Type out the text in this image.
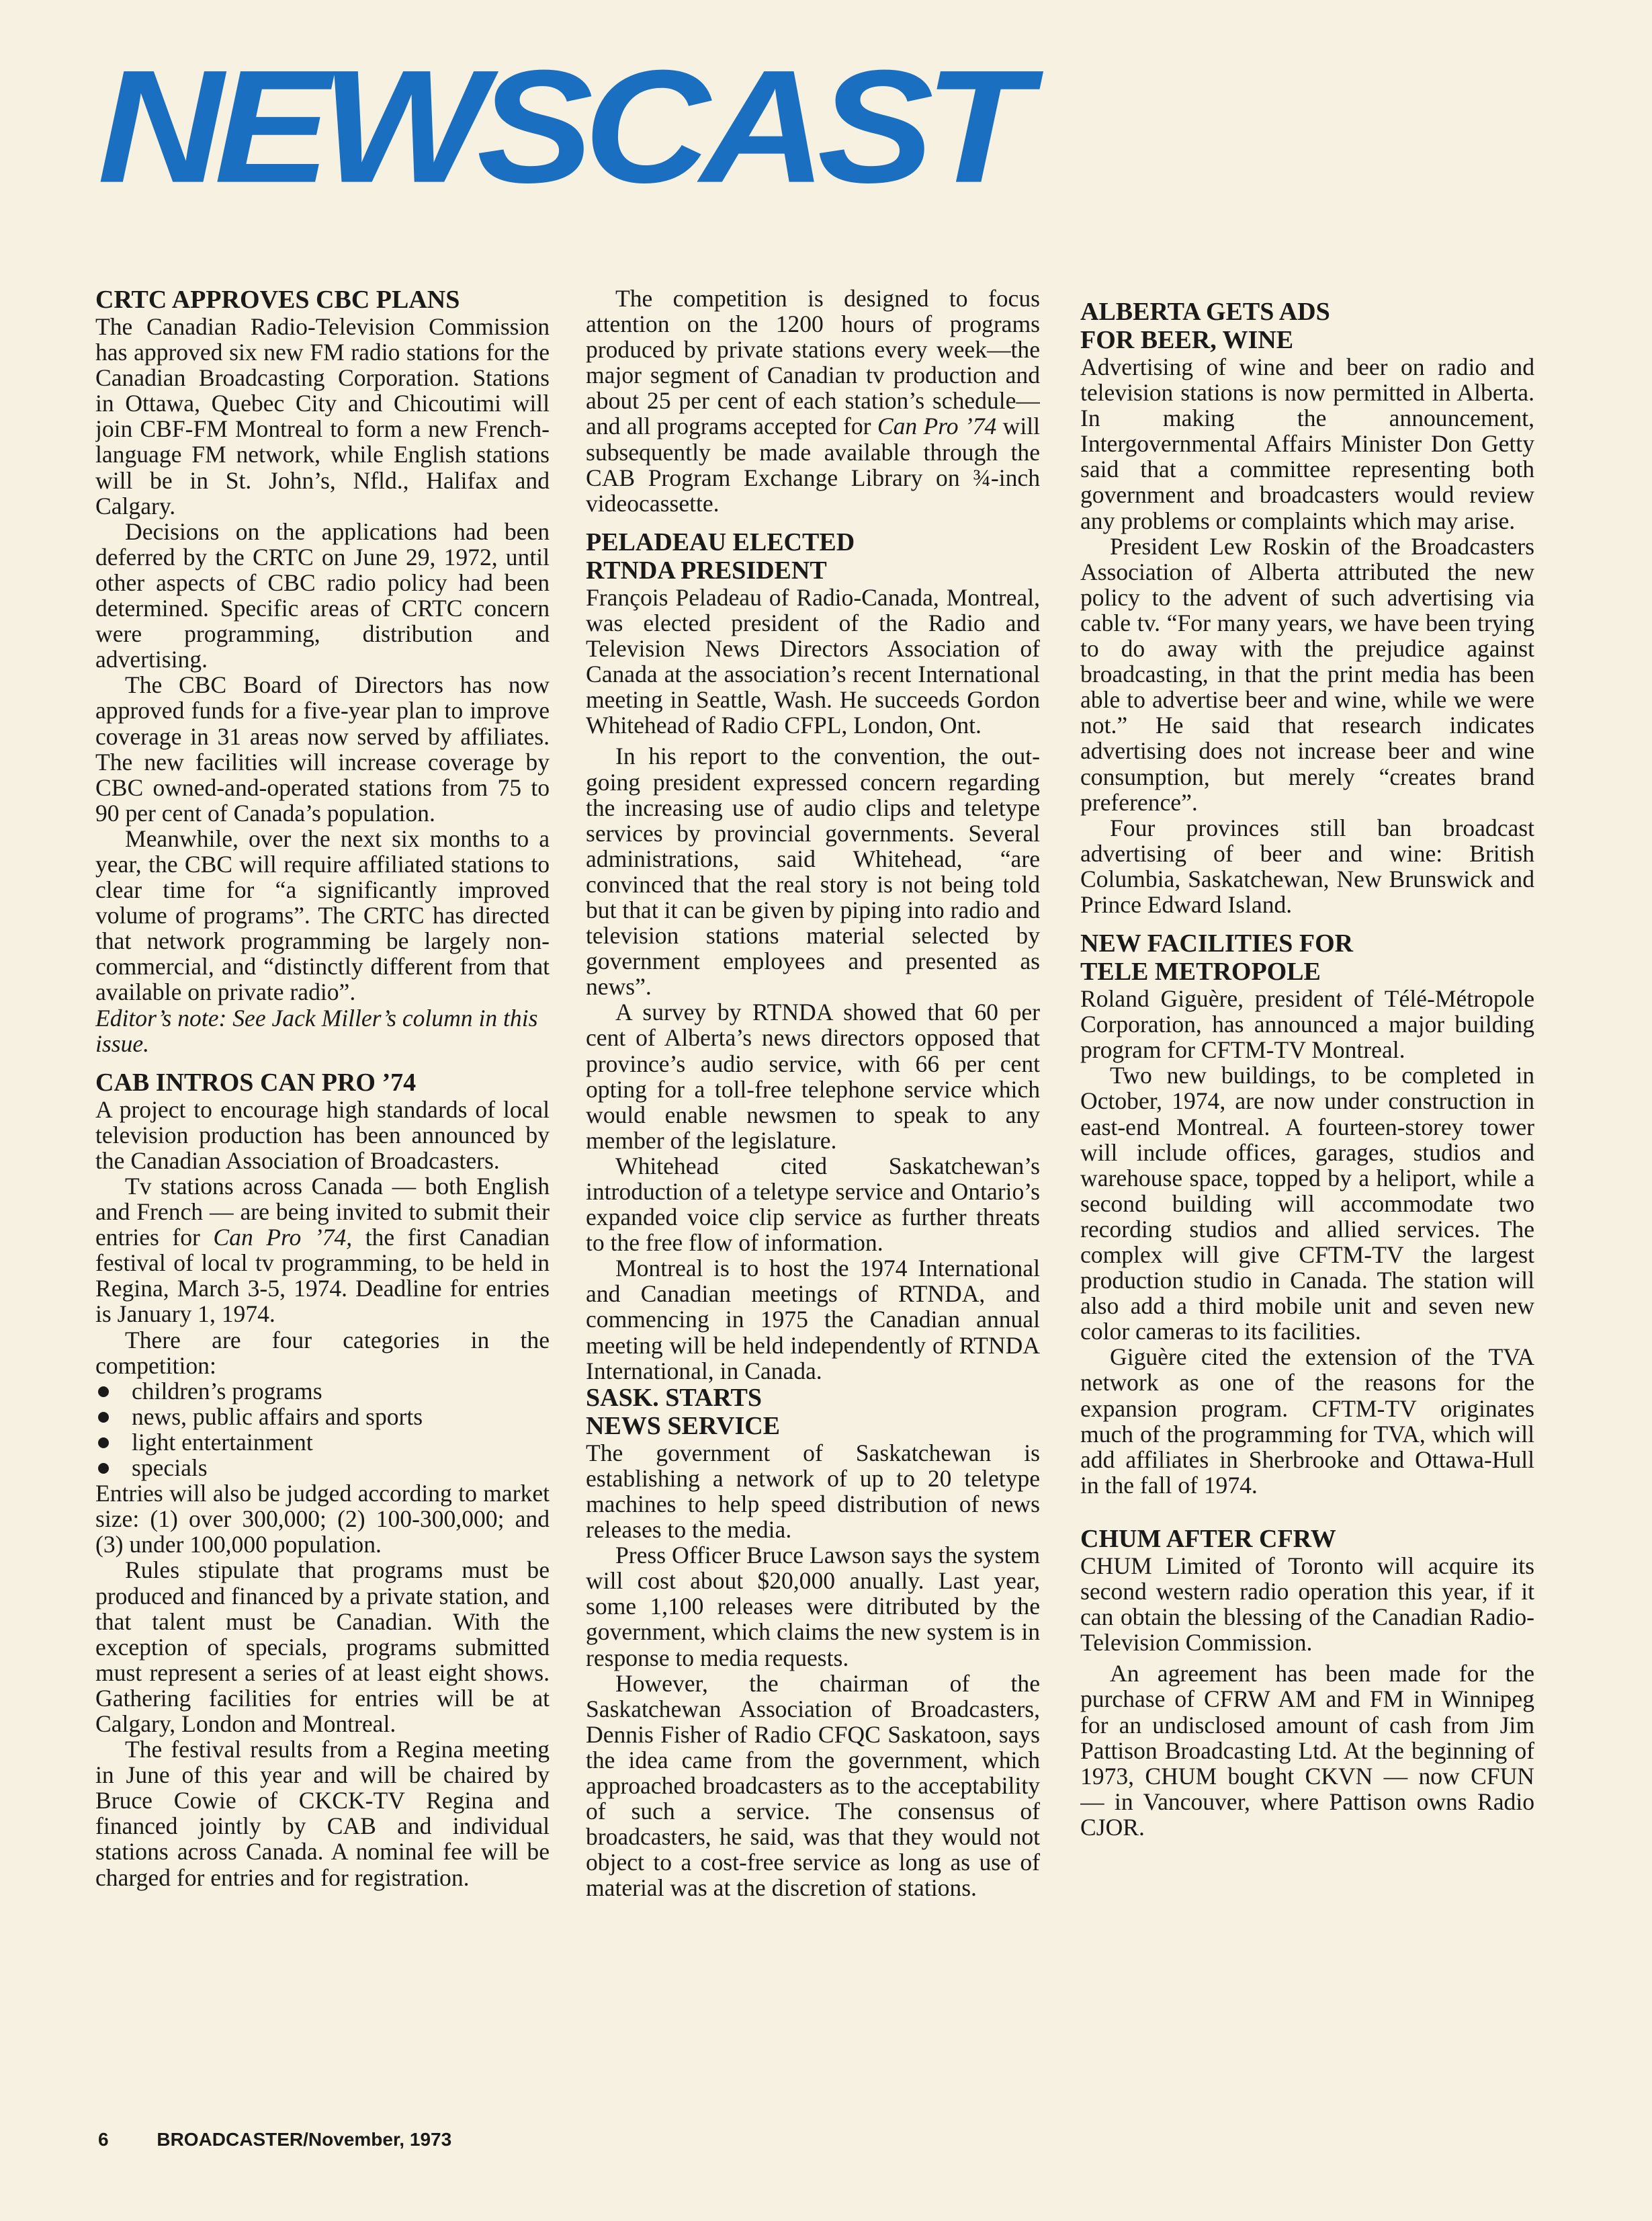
NEWSCAST
CRTC APPROVES CBC PLANS

The Canadian Radio-Television Commission has approved six new FM radio stations for the Canadian Broadcasting Corporation. Stations in Ottawa, Quebec City and Chicoutimi will join CBF-FM Montreal to form a new French-language FM network, while English stations will be in St. John’s, Nfld., Halifax and Calgary.

Decisions on the applications had been deferred by the CRTC on June 29, 1972, until other aspects of CBC radio policy had been determined. Specific areas of CRTC concern were programming, distribution and advertising.

The CBC Board of Directors has now approved funds for a five-year plan to improve coverage in 31 areas now served by affiliates. The new facilities will increase coverage by CBC owned-and-operated stations from 75 to 90 per cent of Canada’s population.

Meanwhile, over the next six months to a year, the CBC will require affiliated stations to clear time for “a significantly improved volume of programs”. The CRTC has directed that network programming be largely non-commercial, and “distinctly different from that available on private radio”.

Editor’s note: See Jack Miller’s column in this issue.

CAB INTROS CAN PRO ’74

A project to encourage high standards of local television production has been announced by the Canadian Association of Broadcasters.

Tv stations across Canada — both English and French — are being invited to submit their entries for Can Pro ’74, the first Canadian festival of local tv programming, to be held in Regina, March 3-5, 1974. Deadline for entries is January 1, 1974.

There are four categories in the competition:

children’s programs
news, public affairs and sports
light entertainment
specials

Entries will also be judged according to market size: (1) over 300,000; (2) 100-300,000; and (3) under 100,000 population.

Rules stipulate that programs must be produced and financed by a private station, and that talent must be Canadian. With the exception of specials, programs submitted must represent a series of at least eight shows. Gathering facilities for entries will be at Calgary, London and Montreal.

The festival results from a Regina meeting in June of this year and will be chaired by Bruce Cowie of CKCK-TV Regina and financed jointly by CAB and individual stations across Canada. A nominal fee will be charged for entries and for registration.

The competition is designed to focus attention on the 1200 hours of programs produced by private stations every week—the major segment of Canadian tv production and about 25 per cent of each station’s schedule—and all programs accepted for Can Pro ’74 will subsequently be made available through the CAB Program Exchange Library on ¾-inch videocassette.

PELADEAU ELECTED
RTNDA PRESIDENT

François Peladeau of Radio-Canada, Montreal, was elected president of the Radio and Television News Directors Association of Canada at the association’s recent International meeting in Seattle, Wash. He succeeds Gordon Whitehead of Radio CFPL, London, Ont.

In his report to the convention, the out-going president expressed concern regarding the increasing use of audio clips and teletype services by provincial governments. Several administrations, said Whitehead, “are convinced that the real story is not being told but that it can be given by piping into radio and television stations material selected by government employees and presented as news”.

A survey by RTNDA showed that 60 per cent of Alberta’s news directors opposed that province’s audio service, with 66 per cent opting for a toll-free telephone service which would enable newsmen to speak to any member of the legislature.

Whitehead cited Saskatchewan’s introduction of a teletype service and Ontario’s expanded voice clip service as further threats to the free flow of information.

Montreal is to host the 1974 International and Canadian meetings of RTNDA, and commencing in 1975 the Canadian annual meeting will be held independently of RTNDA International, in Canada.

SASK. STARTS
NEWS SERVICE

The government of Saskatchewan is establishing a network of up to 20 teletype machines to help speed distribution of news releases to the media.

Press Officer Bruce Lawson says the system will cost about $20,000 anually. Last year, some 1,100 releases were ditributed by the government, which claims the new system is in response to media requests.

However, the chairman of the Saskatchewan Association of Broadcasters, Dennis Fisher of Radio CFQC Saskatoon, says the idea came from the government, which approached broadcasters as to the acceptability of such a service. The consensus of broadcasters, he said, was that they would not object to a cost-free service as long as use of material was at the discretion of stations.

ALBERTA GETS ADS
FOR BEER, WINE

Advertising of wine and beer on radio and television stations is now permitted in Alberta. In making the announcement, Intergovernmental Affairs Minister Don Getty said that a committee representing both government and broadcasters would review any problems or complaints which may arise.

President Lew Roskin of the Broadcasters Association of Alberta attributed the new policy to the advent of such advertising via cable tv. “For many years, we have been trying to do away with the prejudice against broadcasting, in that the print media has been able to advertise beer and wine, while we were not.” He said that research indicates advertising does not increase beer and wine consumption, but merely “creates brand preference”.

Four provinces still ban broadcast advertising of beer and wine: British Columbia, Saskatchewan, New Brunswick and Prince Edward Island.

NEW FACILITIES FOR
TELE METROPOLE

Roland Giguère, president of Télé-Métropole Corporation, has announced a major building program for CFTM-TV Montreal.

Two new buildings, to be completed in October, 1974, are now under construction in east-end Montreal. A fourteen-storey tower will include offices, garages, studios and warehouse space, topped by a heliport, while a second building will accommodate two recording studios and allied services. The complex will give CFTM-TV the largest production studio in Canada. The station will also add a third mobile unit and seven new color cameras to its facilities.

Giguère cited the extension of the TVA network as one of the reasons for the expansion program. CFTM-TV originates much of the programming for TVA, which will add affiliates in Sherbrooke and Ottawa-Hull in the fall of 1974.

CHUM AFTER CFRW

CHUM Limited of Toronto will acquire its second western radio operation this year, if it can obtain the blessing of the Canadian Radio-Television Commission.

An agreement has been made for the purchase of CFRW AM and FM in Winnipeg for an undisclosed amount of cash from Jim Pattison Broadcasting Ltd. At the beginning of 1973, CHUM bought CKVN — now CFUN — in Vancouver, where Pattison owns Radio CJOR.

6	BROADCASTER/November, 1973
